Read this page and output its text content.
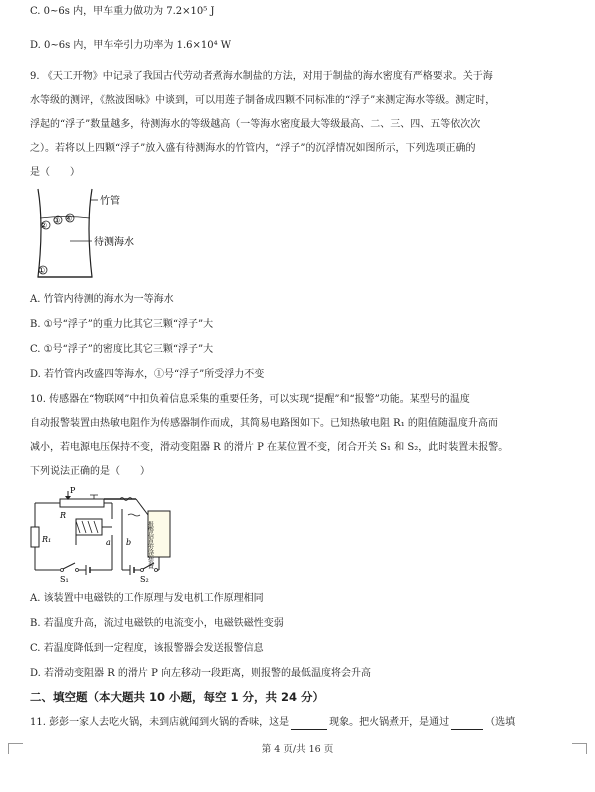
C. 0~6s 内，甲车重力做功为 7.2×10⁵ J
D. 0~6s 内，甲车牵引力功率为 1.6×10⁴ W
9. 《天工开物》中记录了我国古代劳动者煮海水制盐的方法，对用于制盐的海水密度有严格要求。关于海
水等级的测评，《熬波图咏》中谈到，可以用莲子制备成四颗不同标准的“浮子”来测定海水等级。测定时，
浮起的“浮子”数量越多，待测海水的等级越高（一等海水密度最大等级最高、二、三、四、五等依次次
之）。若将以上四颗“浮子”放入盛有待测海水的竹管内，“浮子”的沉浮情况如图所示，下列选项正确的
是（　　）
②
③ ④
①
竹管
待测海水
A. 竹管内待测的海水为一等海水
B. ①号“浮子”的重力比其它三颗“浮子”大
C. ①号“浮子”的密度比其它三颗“浮子”大
D. 若竹管内改盛四等海水，①号“浮子”所受浮力不变
10. 传感器在“物联网”中扣负着信息采集的重要任务，可以实现“提醒”和“报警”功能。某型号的温度
自动报警装置由热敏电阻作为传感器制作而成，其简易电路图如下。已知热敏电阻 R₁ 的阻值随温度升高而
减小，若电源电压保持不变，滑动变阻器 R 的滑片 P 在某位置不变，闭合开关 S₁ 和 S₂，此时装置未报警。
下列说法正确的是（　　）
P
R
R₁	a b	报警信息发送装置
S₁	S₂
A. 该装置中电磁铁的工作原理与发电机工作原理相同
B. 若温度升高，流过电磁铁的电流变小，电磁铁磁性变弱
C. 若温度降低到一定程度，该报警器会发送报警信息
D. 若滑动变阻器 R 的滑片 P 向左移动一段距离，则报警的最低温度将会升高
二、填空题（本大题共 10 小题，每空 1 分，共 24 分）
11. 彭彭一家人去吃火锅，未到店就闻到火锅的香味，这是	现象。把火锅煮开，是通过	（选填
第 4 页/共 16 页
